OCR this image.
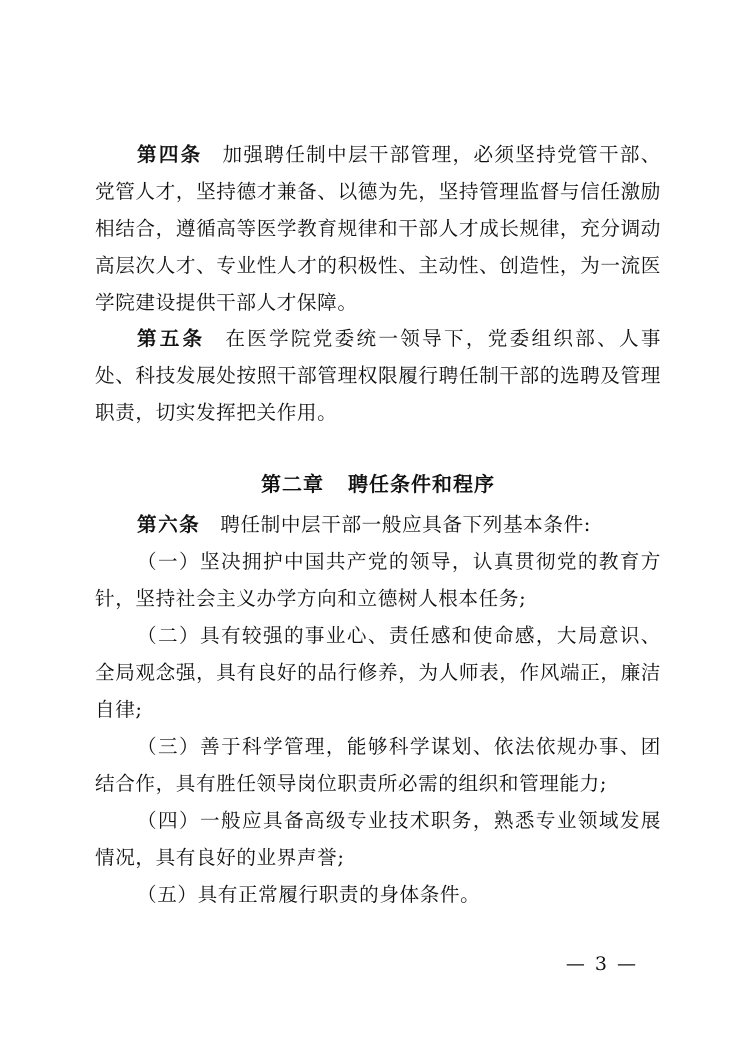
第四条 加强聘任制中层干部管理，必须坚持党管干部、党管人才，坚持德才兼备、以德为先，坚持管理监督与信任激励相结合，遵循高等医学教育规律和干部人才成长规律，充分调动高层次人才、专业性人才的积极性、主动性、创造性，为一流医学院建设提供干部人才保障。

第五条 在医学院党委统一领导下，党委组织部、人事处、科技发展处按照干部管理权限履行聘任制干部的选聘及管理职责，切实发挥把关作用。

第二章 聘任条件和程序

第六条 聘任制中层干部一般应具备下列基本条件:

（一）坚决拥护中国共产党的领导，认真贯彻党的教育方针，坚持社会主义办学方向和立德树人根本任务;

（二）具有较强的事业心、责任感和使命感，大局意识、全局观念强，具有良好的品行修养，为人师表，作风端正，廉洁自律;

（三）善于科学管理，能够科学谋划、依法依规办事、团结合作，具有胜任领导岗位职责所必需的组织和管理能力;

（四）一般应具备高级专业技术职务，熟悉专业领域发展情况，具有良好的业界声誉;

（五）具有正常履行职责的身体条件。

— 3 —
